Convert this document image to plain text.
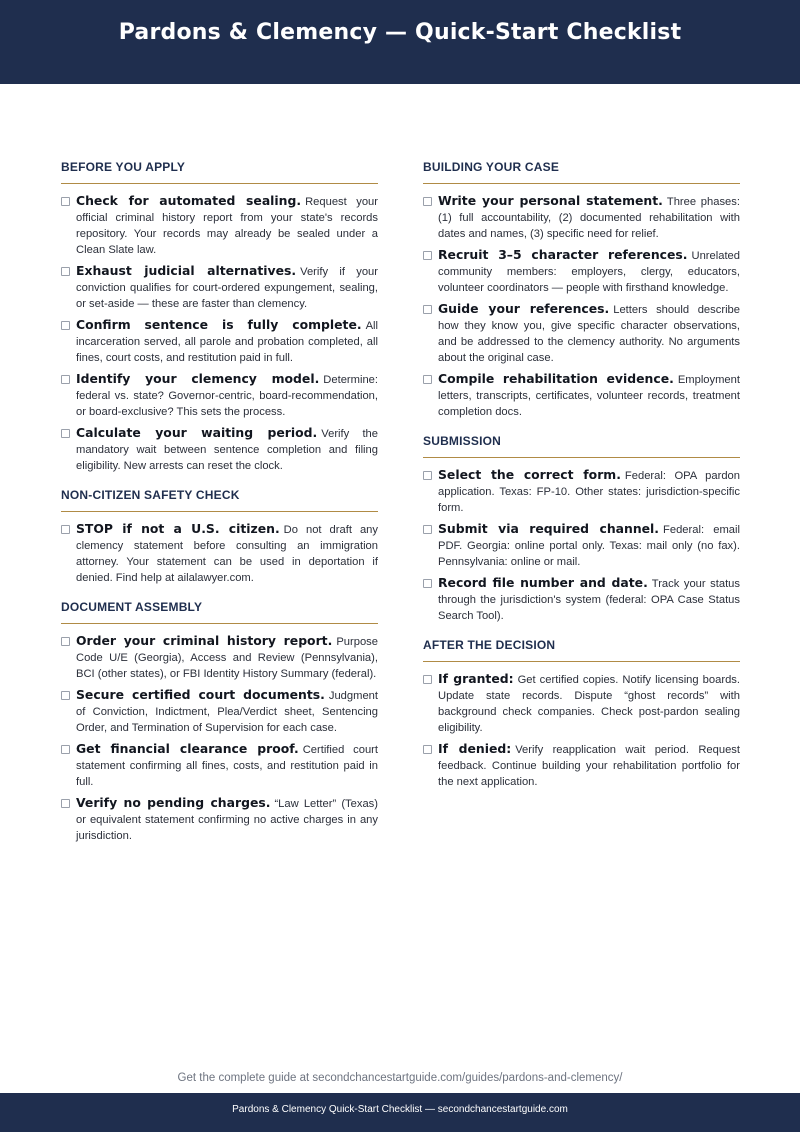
Pardons & Clemency — Quick-Start Checklist
BEFORE YOU APPLY
Check for automated sealing. Request your official criminal history report from your state's records repository. Your records may already be sealed under a Clean Slate law.
Exhaust judicial alternatives. Verify if your conviction qualifies for court-ordered expungement, sealing, or set-aside — these are faster than clemency.
Confirm sentence is fully complete. All incarceration served, all parole and probation completed, all fines, court costs, and restitution paid in full.
Identify your clemency model. Determine: federal vs. state? Governor-centric, board-recommendation, or board-exclusive? This sets the process.
Calculate your waiting period. Verify the mandatory wait between sentence completion and filing eligibility. New arrests can reset the clock.
NON-CITIZEN SAFETY CHECK
STOP if not a U.S. citizen. Do not draft any clemency statement before consulting an immigration attorney. Your statement can be used in deportation if denied. Find help at ailalawyer.com.
DOCUMENT ASSEMBLY
Order your criminal history report. Purpose Code U/E (Georgia), Access and Review (Pennsylvania), BCI (other states), or FBI Identity History Summary (federal).
Secure certified court documents. Judgment of Conviction, Indictment, Plea/Verdict sheet, Sentencing Order, and Termination of Supervision for each case.
Get financial clearance proof. Certified court statement confirming all fines, costs, and restitution paid in full.
Verify no pending charges. “Law Letter” (Texas) or equivalent statement confirming no active charges in any jurisdiction.
BUILDING YOUR CASE
Write your personal statement. Three phases: (1) full accountability, (2) documented rehabilitation with dates and names, (3) specific need for relief.
Recruit 3–5 character references. Unrelated community members: employers, clergy, educators, volunteer coordinators — people with firsthand knowledge.
Guide your references. Letters should describe how they know you, give specific character observations, and be addressed to the clemency authority. No arguments about the original case.
Compile rehabilitation evidence. Employment letters, transcripts, certificates, volunteer records, treatment completion docs.
SUBMISSION
Select the correct form. Federal: OPA pardon application. Texas: FP-10. Other states: jurisdiction-specific form.
Submit via required channel. Federal: email PDF. Georgia: online portal only. Texas: mail only (no fax). Pennsylvania: online or mail.
Record file number and date. Track your status through the jurisdiction's system (federal: OPA Case Status Search Tool).
AFTER THE DECISION
If granted: Get certified copies. Notify licensing boards. Update state records. Dispute “ghost records” with background check companies. Check post-pardon sealing eligibility.
If denied: Verify reapplication wait period. Request feedback. Continue building your rehabilitation portfolio for the next application.
Get the complete guide at secondchancestartguide.com/guides/pardons-and-clemency/
Pardons & Clemency Quick-Start Checklist — secondchancestartguide.com
